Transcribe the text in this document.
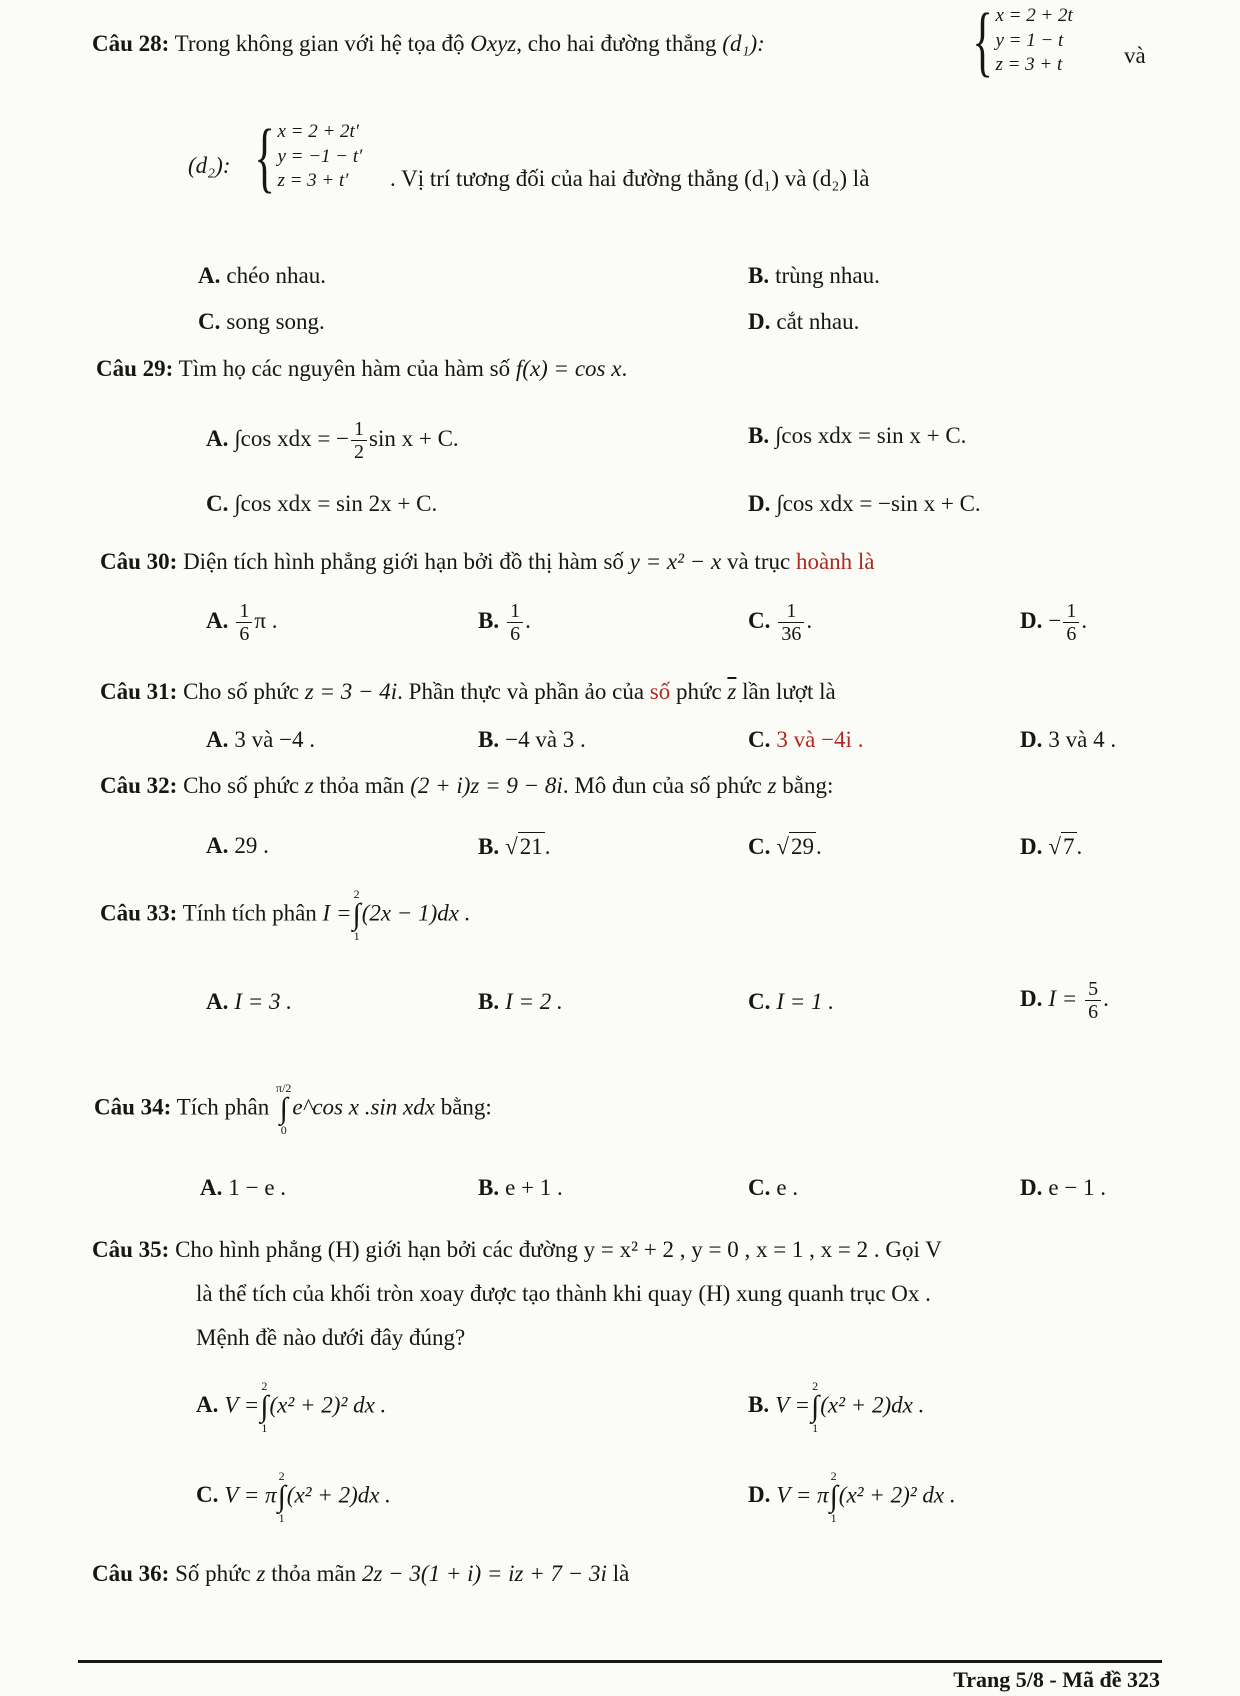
Câu 28: Trong không gian với hệ tọa độ Oxyz, cho hai đường thẳng (d₁):	{ x = 2 + 2t
y = 1 − t
z = 3 + t	và
(d₂): { x = 2 + 2t′
y = −1 − t′
z = 3 + t′	. Vị trí tương đối của hai đường thẳng (d₁) và (d₂) là
A. chéo nhau.	B. trùng nhau.
C. song song.	D. cắt nhau.
Câu 29: Tìm họ các nguyên hàm của hàm số f(x) = cos x.
A. ∫cos xdx = − $\frac{1}{2}$ sin x + C.	B. ∫cos xdx = sin x + C.
C. ∫cos xdx = sin 2x + C.	D. ∫cos xdx = −sin x + C.
Câu 30: Diện tích hình phẳng giới hạn bởi đồ thị hàm số y = x² − x và trục hoành là
A. $\frac{1}{6}$ π .	B. $\frac{1}{6}$ .	C. $\frac{1}{36}$ .	D. − $\frac{1}{6}$ .
Câu 31: Cho số phức z = 3 − 4i. Phần thực và phần ảo của số phức $\overline{z}$ lần lượt là
A. 3 và −4 .	B. −4 và 3 .	C. 3 và −4i .	D. 3 và 4 .
Câu 32: Cho số phức z thỏa mãn (2 + i)z = 9 − 8i. Mô đun của số phức z bằng:
A. 29 .	B. √ 21 .	C. √ 29 .	D. √ 7 .
Câu 33: Tính tích phân I =
2
∫
1
(2x − 1)dx .
A. I = 3 .	B. I = 2 .	C. I = 1 .	D. $I = \frac{5}{6}$ .
Câu 34: Tích phân
π/2
∫
0
e^cos x .sin xdx bằng:
A. 1 − e .	B. e + 1 .	C. e .	D. e − 1 .
Câu 35: Cho hình phẳng (H) giới hạn bởi các đường y = x² + 2 , y = 0 , x = 1 , x = 2 . Gọi V
là thể tích của khối tròn xoay được tạo thành khi quay (H) xung quanh trục Ox .
Mệnh đề nào dưới đây đúng?
A. V =
2
∫
1
(x² + 2)² dx .	B. V =
2
∫
1
(x² + 2)dx .
C. V = π
2
∫
1
(x² + 2)dx .	D. V = π
2
∫
1
(x² + 2)² dx .
Câu 36: Số phức z thỏa mãn 2z − 3(1 + i) = iz + 7 − 3i là
Trang 5/8 - Mã đề 323
